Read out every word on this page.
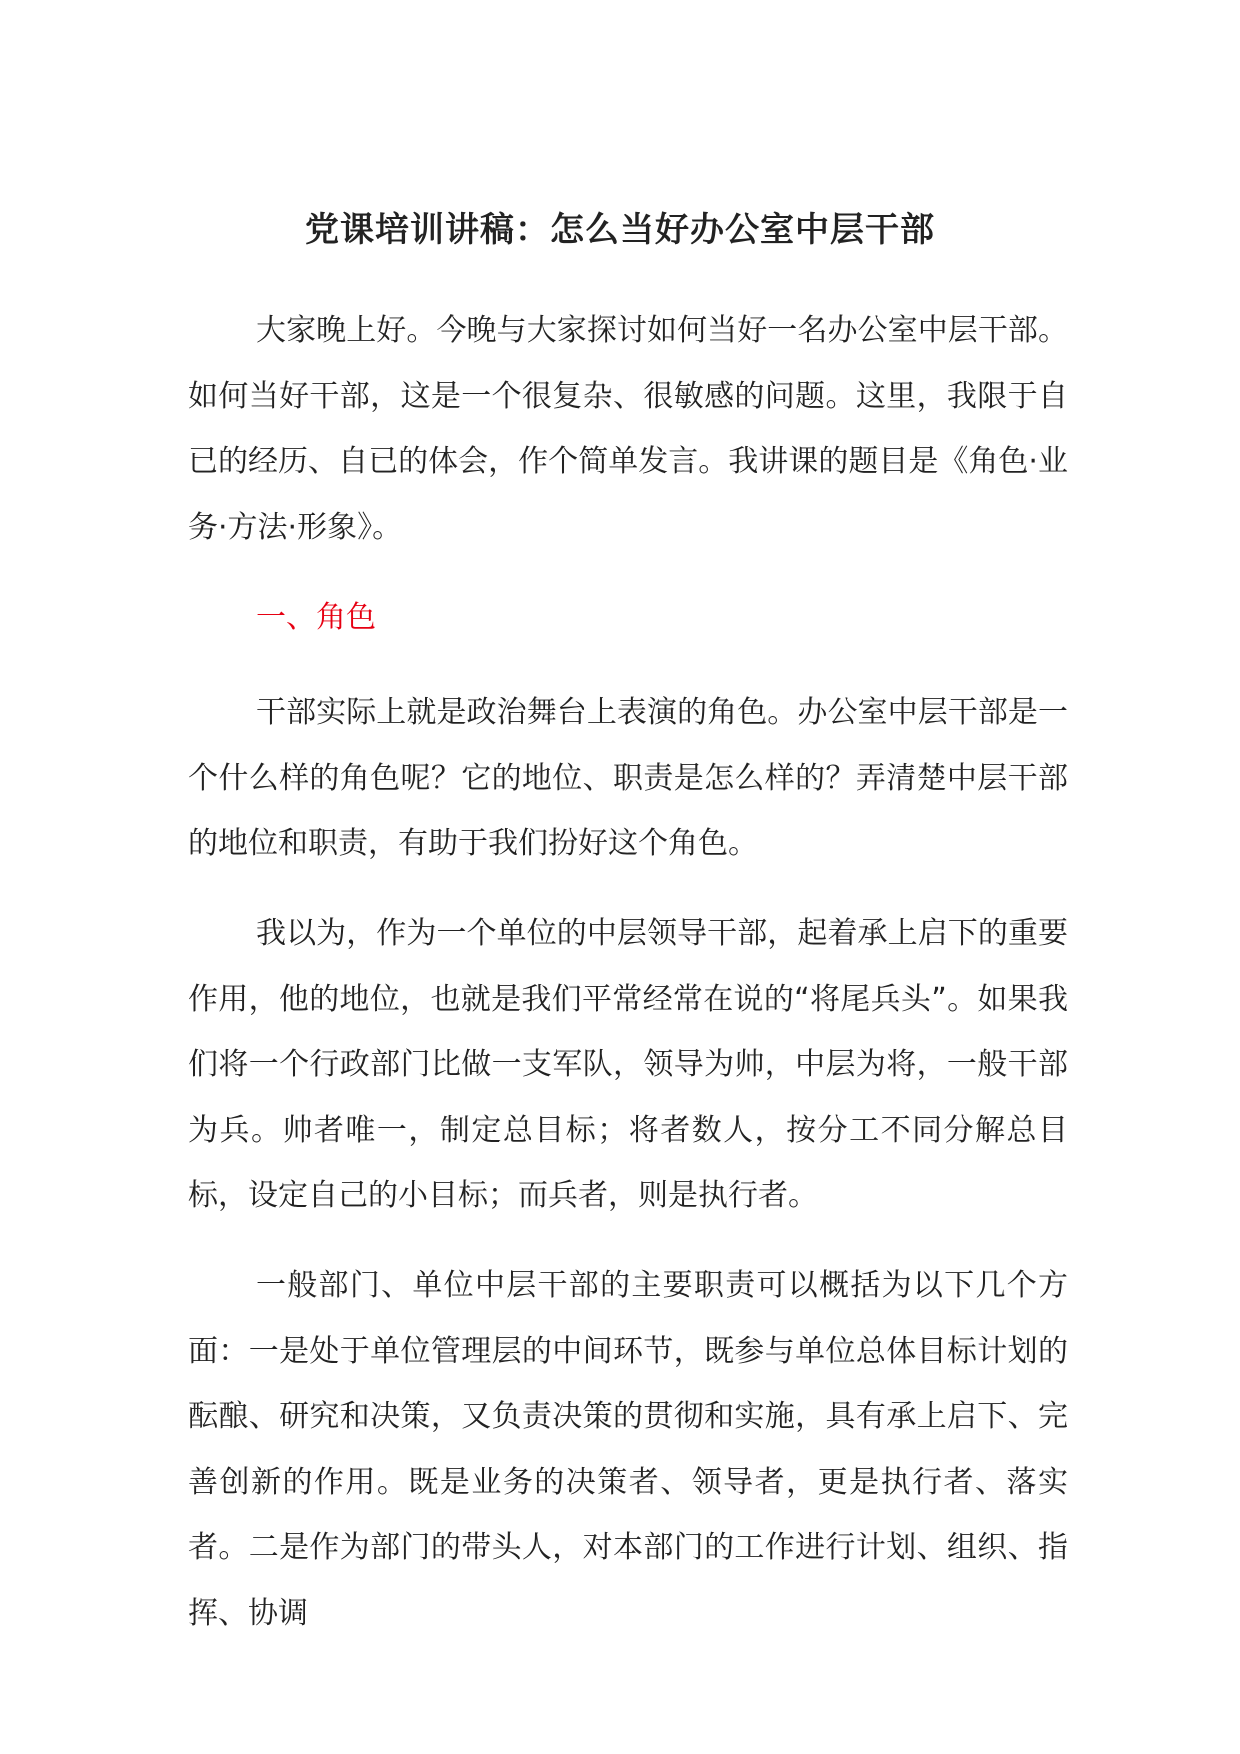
党课培训讲稿：怎么当好办公室中层干部

大家晚上好。今晚与大家探讨如何当好一名办公室中层干部。如何当好干部，这是一个很复杂、很敏感的问题。这里，我限于自已的经历、自已的体会，作个简单发言。我讲课的题目是《角色·业务·方法·形象》。

一、角色

干部实际上就是政治舞台上表演的角色。办公室中层干部是一个什么样的角色呢？它的地位、职责是怎么样的？弄清楚中层干部的地位和职责，有助于我们扮好这个角色。

我以为，作为一个单位的中层领导干部，起着承上启下的重要作用，他的地位，也就是我们平常经常在说的“将尾兵头”。如果我们将一个行政部门比做一支军队，领导为帅，中层为将，一般干部为兵。帅者唯一，制定总目标；将者数人，按分工不同分解总目标，设定自己的小目标；而兵者，则是执行者。

一般部门、单位中层干部的主要职责可以概括为以下几个方面：一是处于单位管理层的中间环节，既参与单位总体目标计划的酝酿、研究和决策，又负责决策的贯彻和实施，具有承上启下、完善创新的作用。既是业务的决策者、领导者，更是执行者、落实者。二是作为部门的带头人，对本部门的工作进行计划、组织、指挥、协调
